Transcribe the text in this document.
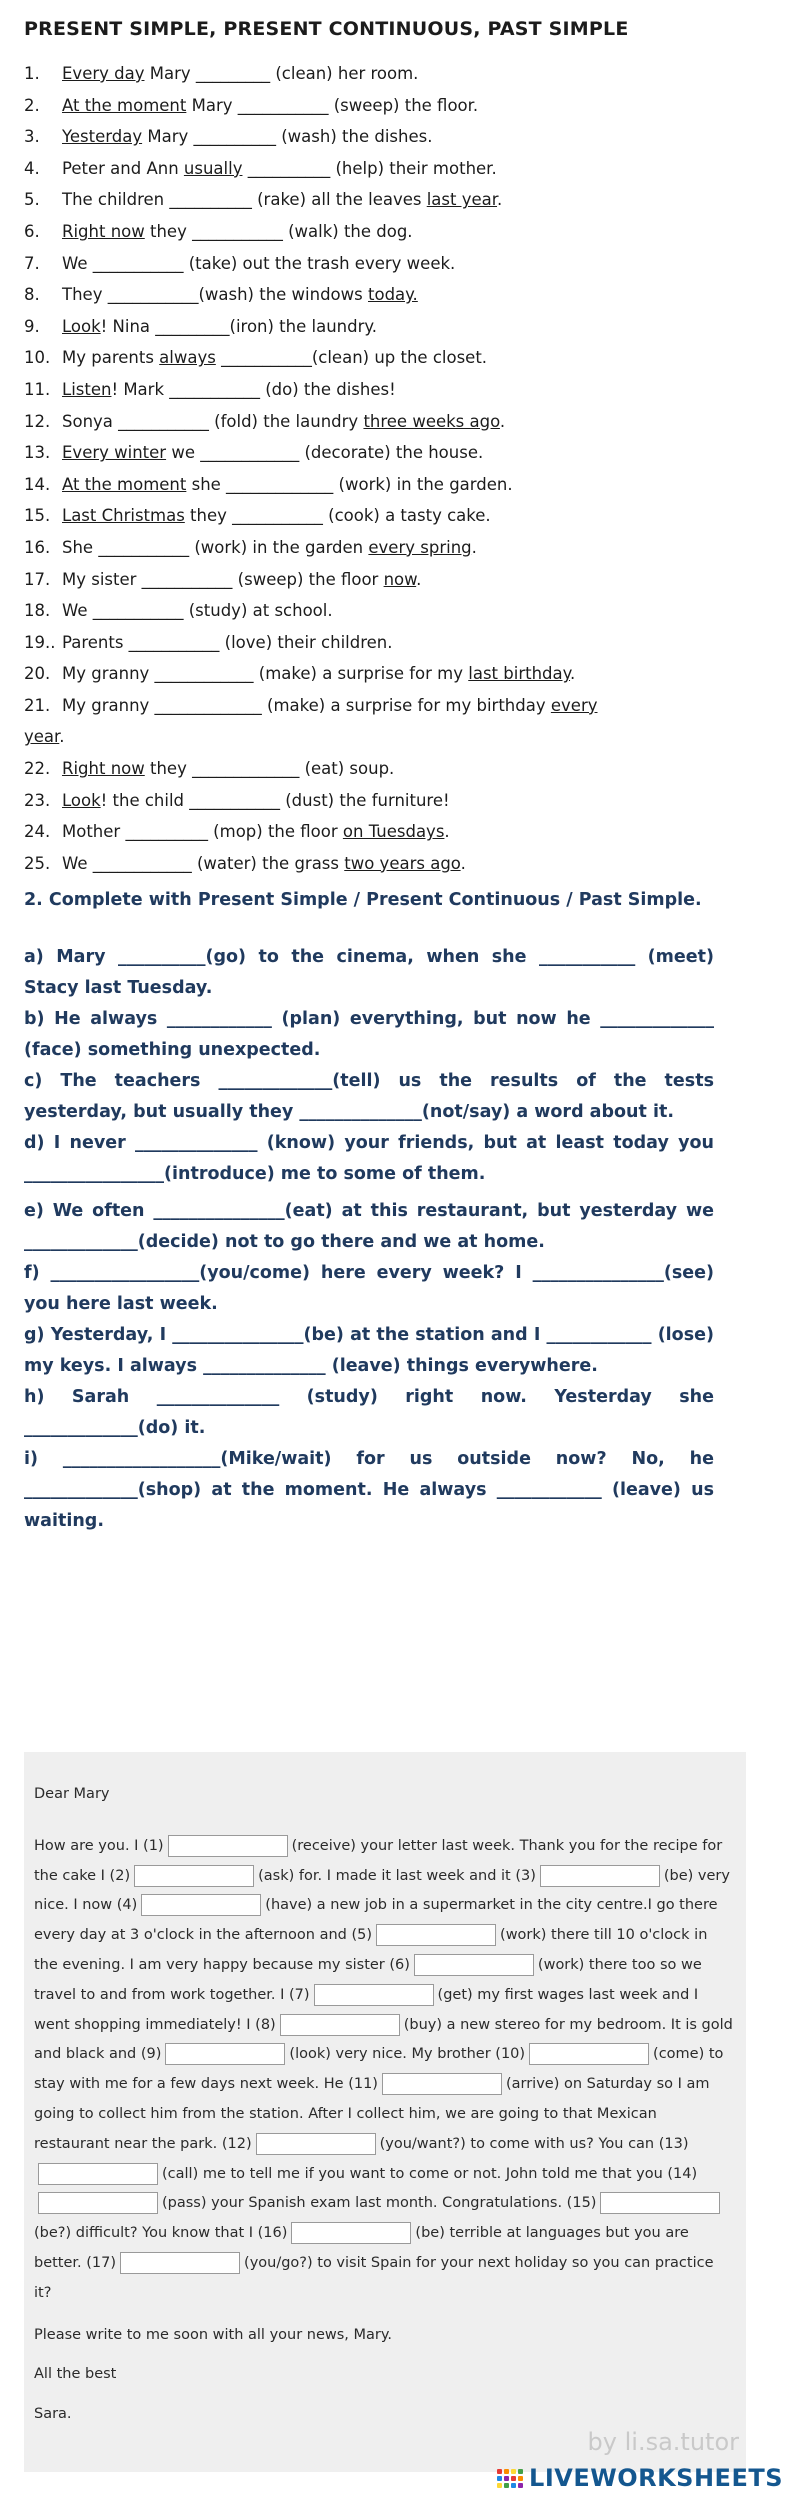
PRESENT SIMPLE, PRESENT CONTINUOUS, PAST SIMPLE
1. Every day Mary _________ (clean) her room.
2. At the moment Mary ___________ (sweep) the floor.
3. Yesterday Mary __________ (wash) the dishes.
4. Peter and Ann usually __________ (help) their mother.
5. The children __________ (rake) all the leaves last year.
6. Right now they ___________ (walk) the dog.
7. We ___________ (take) out the trash every week.
8. They ___________(wash) the windows today.
9. Look! Nina _________(iron) the laundry.
10. My parents always ___________(clean) up the closet.
11. Listen! Mark ___________ (do) the dishes!
12. Sonya ___________ (fold) the laundry three weeks ago.
13. Every winter we ____________ (decorate) the house.
14. At the moment she _____________ (work) in the garden.
15. Last Christmas they ___________ (cook) a tasty cake.
16. She ___________ (work) in the garden every spring.
17. My sister ___________ (sweep) the floor now.
18. We ___________ (study) at school.
19.. Parents ___________ (love) their children.
20. My granny ____________ (make) a surprise for my last birthday.
21. My granny _____________ (make) a surprise for my birthday every
year.
22. Right now they _____________ (eat) soup.
23. Look! the child ___________ (dust) the furniture!
24. Mother __________ (mop) the floor on Tuesdays.
25. We ____________ (water) the grass two years ago.

2. Complete with Present Simple / Present Continuous / Past Simple.

a) Mary __________(go) to the cinema, when she ___________ (meet) Stacy last Tuesday.

b) He always ____________ (plan) everything, but now he _____________ (face) something unexpected.

c) The teachers _____________(tell) us the results of the tests yesterday, but usually they ______________(not/say) a word about it.

d) I never ______________ (know) your friends, but at least today you ________________(introduce) me to some of them.

e) We often _______________(eat) at this restaurant, but yesterday we _____________(decide) not to go there and we at home.

f) _________________(you/come) here every week? I _______________(see) you here last week.

g) Yesterday, I _______________(be) at the station and I ____________ (lose) my keys. I always ______________ (leave) things everywhere.

h) Sarah ______________ (study) right now. Yesterday she _____________(do) it.

i) __________________(Mike/wait) for us outside now? No, he _____________(shop) at the moment. He always ____________ (leave) us waiting.

Dear Mary

How are you. I (1)	(receive) your letter last week. Thank you for the recipe for the cake I (2)	(ask) for. I made it last week and it (3)	(be) very nice. I now (4)	(have) a new job in a supermarket in the city centre.I go there every day at 3 o'clock in the afternoon and (5)	(work) there till 10 o'clock in the evening. I am very happy because my sister (6)	(work) there too so we travel to and from work together. I (7)	(get) my first wages last week and I went shopping immediately! I (8)	(buy) a new stereo for my bedroom. It is gold and black and (9)	(look) very nice. My brother (10)	(come) to stay with me for a few days next week. He (11)	(arrive) on Saturday so I am going to collect him from the station. After I collect him, we are going to that Mexican restaurant near the park. (12)	(you/want?) to come with us? You can (13)(call) me to tell me if you want to come or not. John told me that you (14)(pass) your Spanish exam last month. Congratulations. (15)(be?) difficult? You know that I (16)	(be) terrible at languages but you are better. (17)	(you/go?) to visit Spain for your next holiday so you can practice it?

Please write to me soon with all your news, Mary.

All the best

Sara.

by li.sa.tutor
LIVEWORKSHEETS
